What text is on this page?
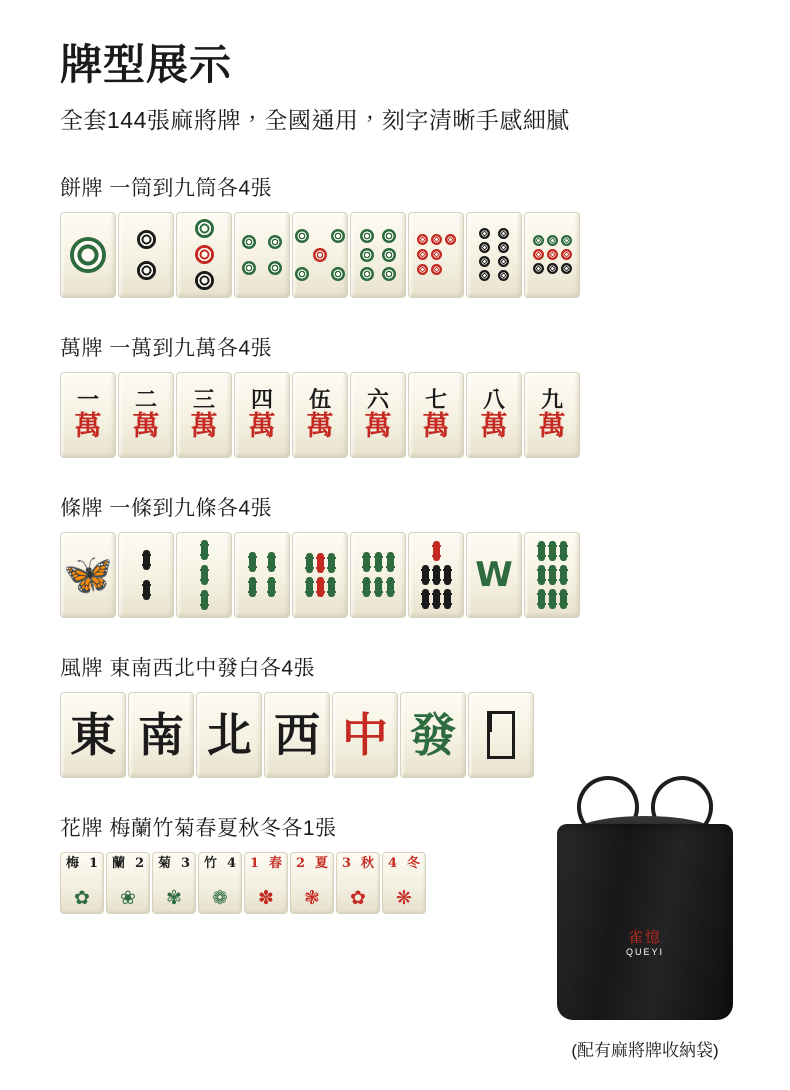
牌型展示

全套144張麻將牌，全國通用，刻字清晰手感細膩

餅牌 一筒到九筒各4張
萬牌 一萬到九萬各4張
一
萬
二
萬
三
萬
四
萬
伍
萬
六
萬
七
萬
八
萬
九
萬
條牌 一條到九條各4張
🦋	W
風牌 東南西北中發白各4張
東 南 北 西 中 發
花牌 梅蘭竹菊春夏秋冬各1張
梅 1
✿
蘭 2
❀
菊 3
✾
竹 4
❁
1 春
✽
2 夏
❃
3 秋
✿
4 冬
❋
雀憶
QUEYI
(配有麻將牌收納袋)
